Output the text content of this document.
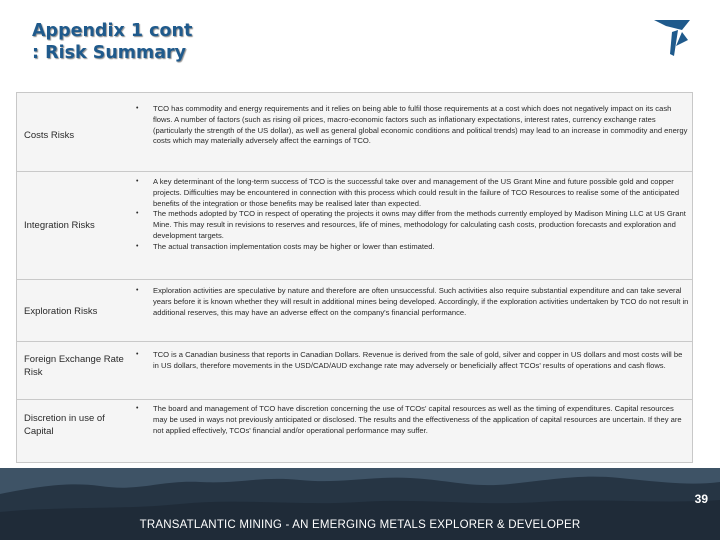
Appendix 1 cont
: Risk Summary
Costs Risks
• TCO has commodity and energy requirements and it relies on being able to fulfil those requirements at a cost which does not negatively impact on its cash flows. A number of factors (such as rising oil prices, macro-economic factors such as inflationary expectations, interest rates, currency exchange rates (particularly the strength of the US dollar), as well as general global economic conditions and political trends) may lead to an increase in commodity and energy costs which may materially adversely affect the earnings of TCO.
Integration Risks
• A key determinant of the long-term success of TCO is the successful take over and management of the US Grant Mine and future possible gold and copper projects. Difficulties may be encountered in connection with this process which could result in the failure of TCO Resources to realise some of the anticipated benefits of the integration or those benefits may be realised later than expected.
• The methods adopted by TCO in respect of operating the projects it owns may differ from the methods currently employed by Madison Mining LLC at US Grant Mine. This may result in revisions to reserves and resources, life of mines, methodology for calculating cash costs, production forecasts and exploration and development targets.
• The actual transaction implementation costs may be higher or lower than estimated.
Exploration Risks
• Exploration activities are speculative by nature and therefore are often unsuccessful. Such activities also require substantial expenditure and can take several years before it is known whether they will result in additional mines being developed. Accordingly, if the exploration activities undertaken by TCO do not result in additional reserves, this may have an adverse effect on the company's financial performance.
Foreign Exchange Rate Risk
• TCO is a Canadian business that reports in Canadian Dollars. Revenue is derived from the sale of gold, silver and copper in US dollars and most costs will be in US dollars, therefore movements in the USD/CAD/AUD exchange rate may adversely or beneficially affect TCOs' results of operations and cash flows.
Discretion in use of Capital
• The board and management of TCO have discretion concerning the use of TCOs' capital resources as well as the timing of expenditures. Capital resources may be used in ways not previously anticipated or disclosed. The results and the effectiveness of the application of capital resources are uncertain. If they are not applied effectively, TCOs' financial and/or operational performance may suffer.
39
TRANSATLANTIC MINING - AN EMERGING METALS EXPLORER & DEVELOPER
